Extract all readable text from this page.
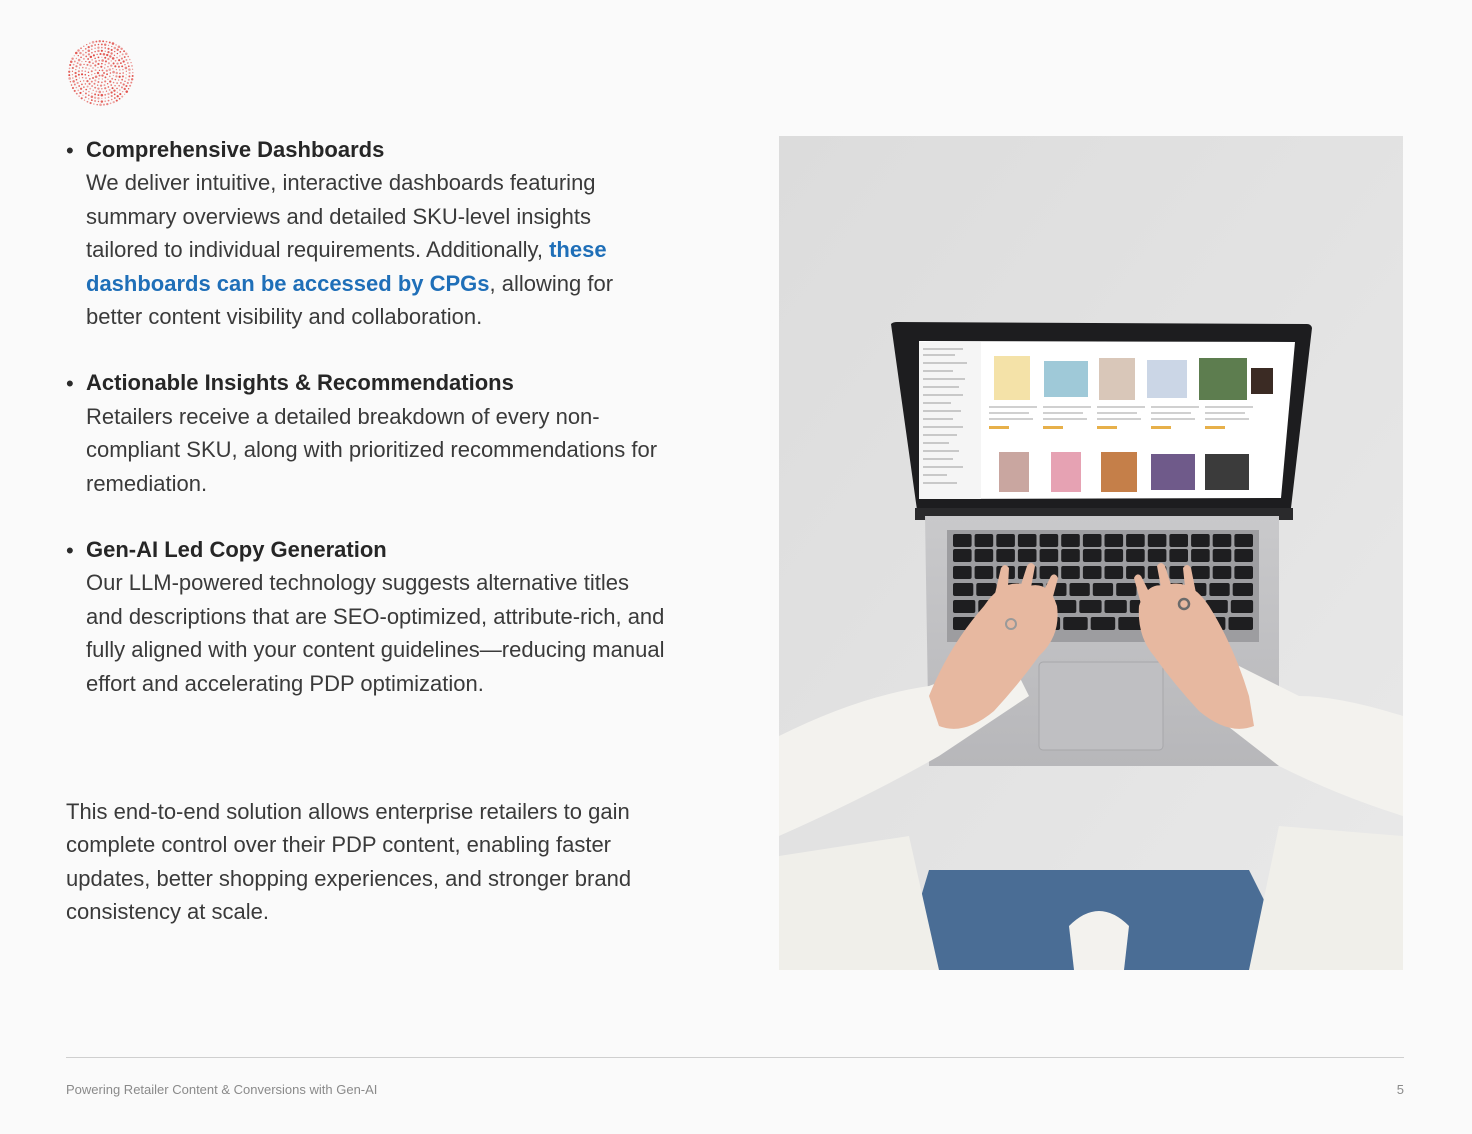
• Comprehensive Dashboards
We deliver intuitive, interactive dashboards featuring summary overviews and detailed SKU-level insights tailored to individual requirements. Additionally, these dashboards can be accessed by CPGs, allowing for better content visibility and collaboration.
• Actionable Insights & Recommendations
Retailers receive a detailed breakdown of every non-compliant SKU, along with prioritized recommendations for remediation.
• Gen-AI Led Copy Generation
Our LLM-powered technology suggests alternative titles and descriptions that are SEO-optimized, attribute-rich, and fully aligned with your content guidelines—reducing manual effort and accelerating PDP optimization.
This end-to-end solution allows enterprise retailers to gain complete control over their PDP content, enabling faster updates, better shopping experiences, and stronger brand consistency at scale.
Powering Retailer Content & Conversions with Gen-AI	5
